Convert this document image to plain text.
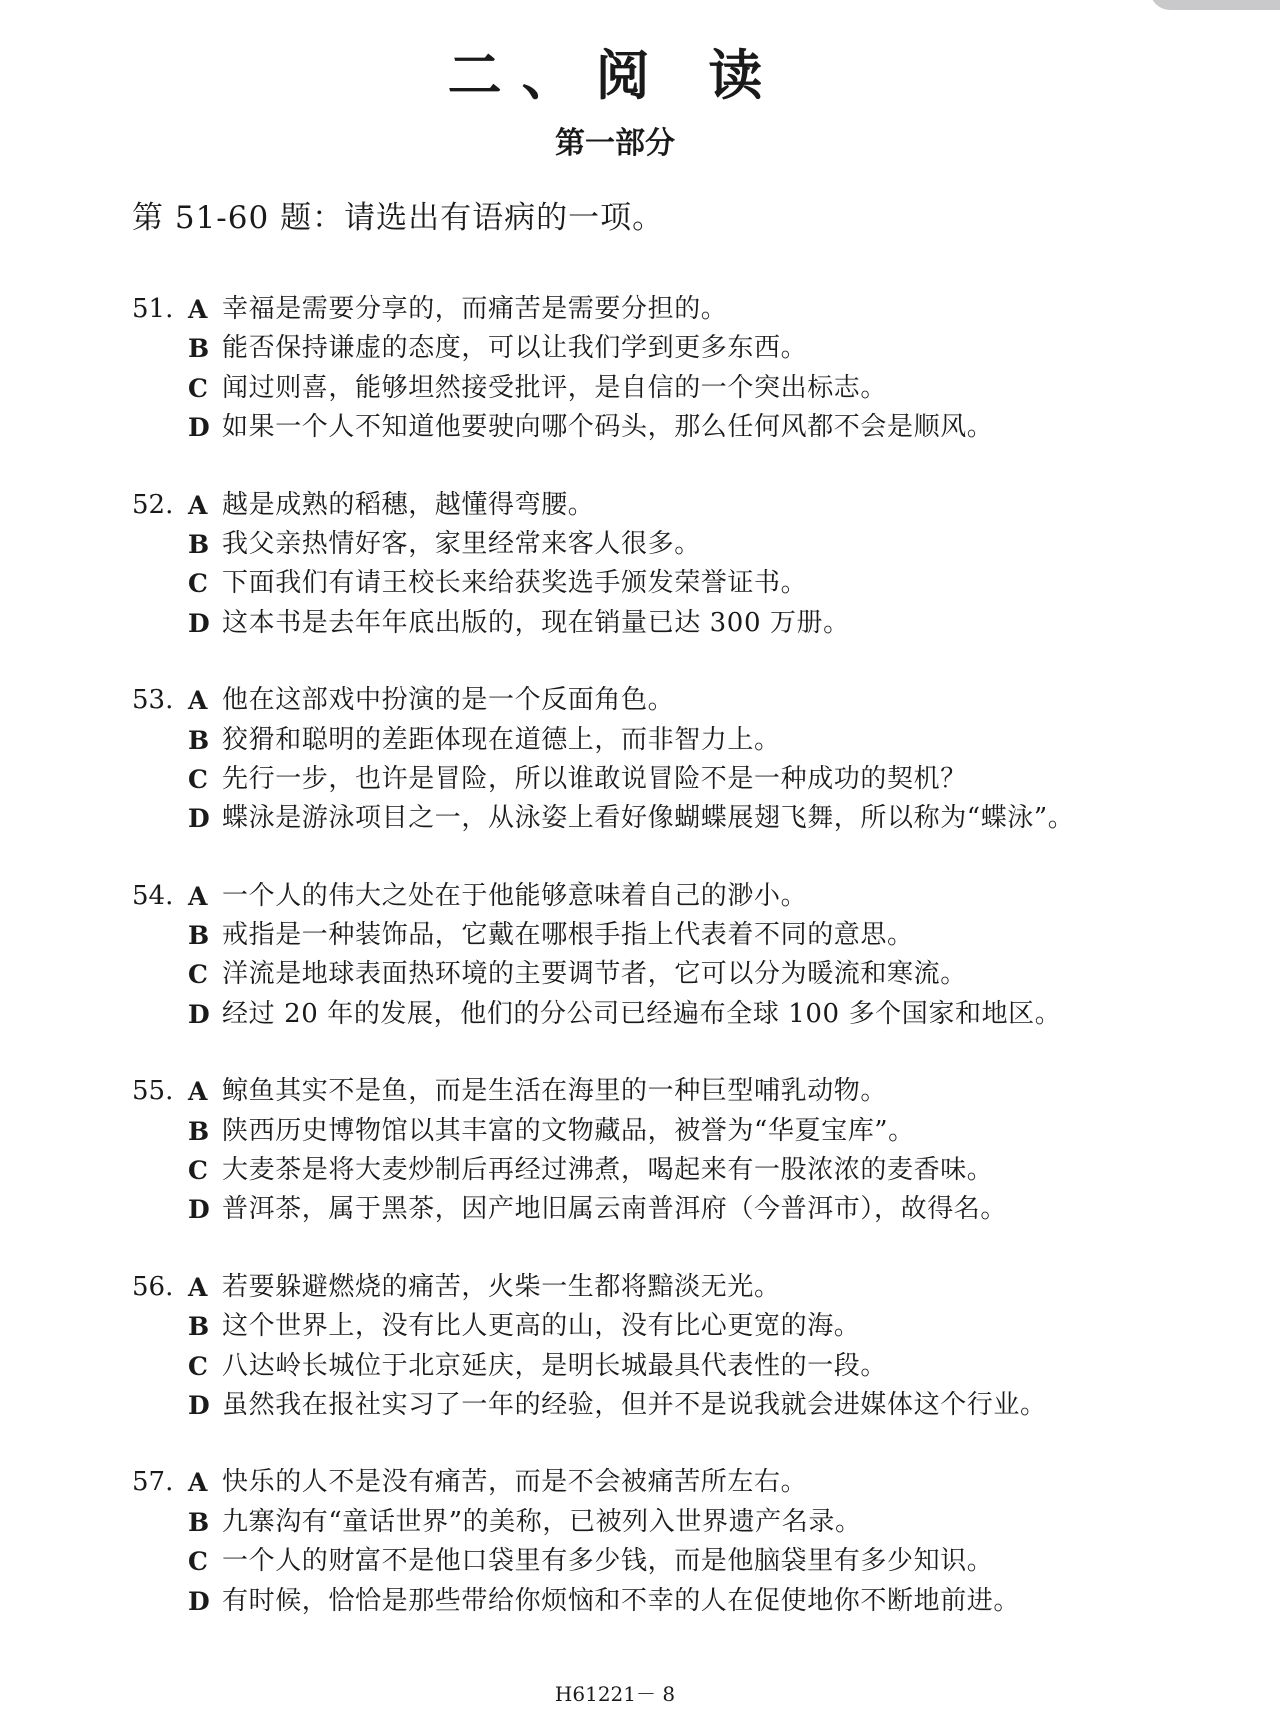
二、阅 读
第一部分
第 51-60 题：请选出有语病的一项。
51. A 幸福是需要分享的，而痛苦是需要分担的。
B 能否保持谦虚的态度，可以让我们学到更多东西。
C 闻过则喜，能够坦然接受批评，是自信的一个突出标志。
D 如果一个人不知道他要驶向哪个码头，那么任何风都不会是顺风。
52. A 越是成熟的稻穗，越懂得弯腰。
B 我父亲热情好客，家里经常来客人很多。
C 下面我们有请王校长来给获奖选手颁发荣誉证书。
D 这本书是去年年底出版的，现在销量已达 300 万册。
53. A 他在这部戏中扮演的是一个反面角色。
B 狡猾和聪明的差距体现在道德上，而非智力上。
C 先行一步，也许是冒险，所以谁敢说冒险不是一种成功的契机？
D 蝶泳是游泳项目之一，从泳姿上看好像蝴蝶展翅飞舞，所以称为“蝶泳”。
54. A 一个人的伟大之处在于他能够意味着自己的渺小。
B 戒指是一种装饰品，它戴在哪根手指上代表着不同的意思。
C 洋流是地球表面热环境的主要调节者，它可以分为暖流和寒流。
D 经过 20 年的发展，他们的分公司已经遍布全球 100 多个国家和地区。
55. A 鲸鱼其实不是鱼，而是生活在海里的一种巨型哺乳动物。
B 陕西历史博物馆以其丰富的文物藏品，被誉为“华夏宝库”。
C 大麦茶是将大麦炒制后再经过沸煮，喝起来有一股浓浓的麦香味。
D 普洱茶，属于黑茶，因产地旧属云南普洱府（今普洱市），故得名。
56. A 若要躲避燃烧的痛苦，火柴一生都将黯淡无光。
B 这个世界上，没有比人更高的山，没有比心更宽的海。
C 八达岭长城位于北京延庆，是明长城最具代表性的一段。
D 虽然我在报社实习了一年的经验，但并不是说我就会进媒体这个行业。
57. A 快乐的人不是没有痛苦，而是不会被痛苦所左右。
B 九寨沟有“童话世界”的美称，已被列入世界遗产名录。
C 一个人的财富不是他口袋里有多少钱，而是他脑袋里有多少知识。
D 有时候，恰恰是那些带给你烦恼和不幸的人在促使地你不断地前进。
H61221－ 8
